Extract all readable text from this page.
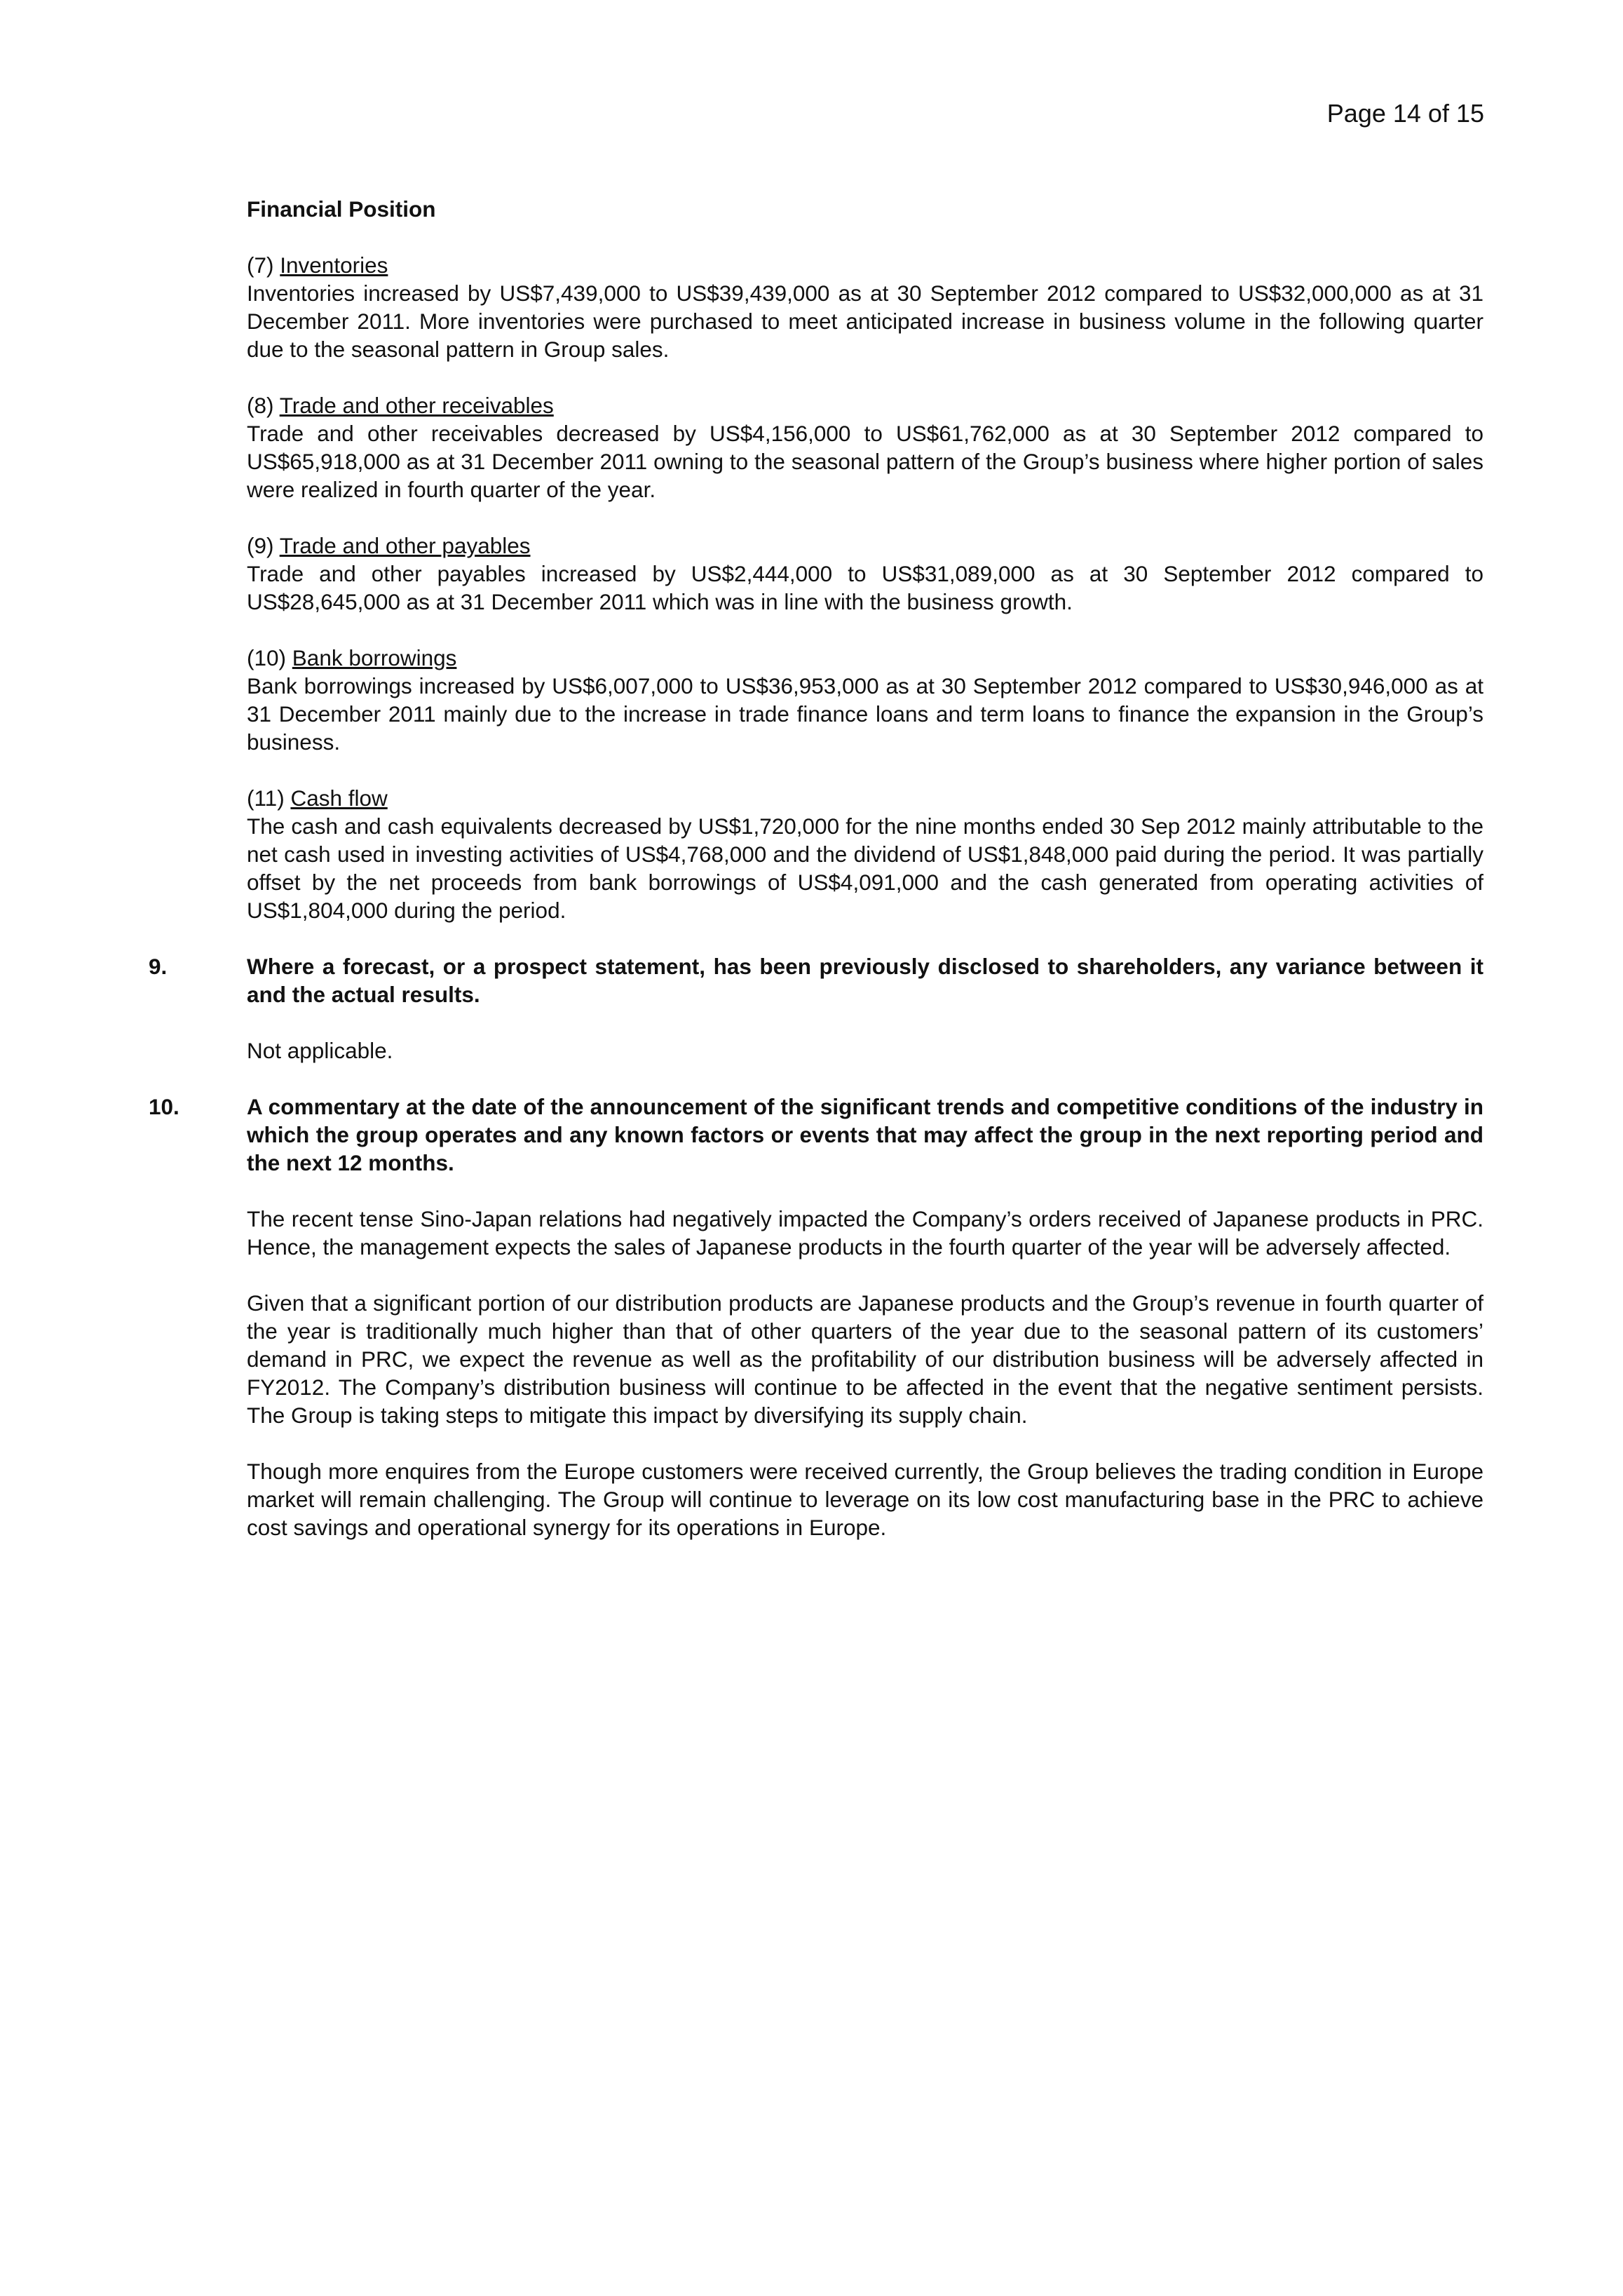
Page 14 of 15
Financial Position
(7) Inventories

Inventories increased by US$7,439,000 to US$39,439,000 as at 30 September 2012 compared to US$32,000,000 as at 31 December 2011. More inventories were purchased to meet anticipated increase in business volume in the following quarter due to the seasonal pattern in Group sales.

(8) Trade and other receivables

Trade and other receivables decreased by US$4,156,000 to US$61,762,000 as at 30 September 2012 compared to US$65,918,000 as at 31 December 2011 owning to the seasonal pattern of the Group’s business where higher portion of sales were realized in fourth quarter of the year.

(9) Trade and other payables

Trade and other payables increased by US$2,444,000 to US$31,089,000 as at 30 September 2012 compared to US$28,645,000 as at 31 December 2011 which was in line with the business growth.

(10) Bank borrowings

Bank borrowings increased by US$6,007,000 to US$36,953,000 as at 30 September 2012 compared to US$30,946,000 as at 31 December 2011 mainly due to the increase in trade finance loans and term loans to finance the expansion in the Group’s business.

(11) Cash flow

The cash and cash equivalents decreased by US$1,720,000 for the nine months ended 30 Sep 2012 mainly attributable to the net cash used in investing activities of US$4,768,000 and the dividend of US$1,848,000 paid during the period. It was partially offset by the net proceeds from bank borrowings of US$4,091,000 and the cash generated from operating activities of US$1,804,000 during the period.

9.	Where a forecast, or a prospect statement, has been previously disclosed to shareholders, any variance between it and the actual results.

Not applicable.

10.	A commentary at the date of the announcement of the significant trends and competitive conditions of the industry in which the group operates and any known factors or events that may affect the group in the next reporting period and the next 12 months.

The recent tense Sino-Japan relations had negatively impacted the Company’s orders received of Japanese products in PRC. Hence, the management expects the sales of Japanese products in the fourth quarter of the year will be adversely affected.

Given that a significant portion of our distribution products are Japanese products and the Group’s revenue in fourth quarter of the year is traditionally much higher than that of other quarters of the year due to the seasonal pattern of its customers’ demand in PRC, we expect the revenue as well as the profitability of our distribution business will be adversely affected in FY2012. The Company’s distribution business will continue to be affected in the event that the negative sentiment persists. The Group is taking steps to mitigate this impact by diversifying its supply chain.

Though more enquires from the Europe customers were received currently, the Group believes the trading condition in Europe market will remain challenging. The Group will continue to leverage on its low cost manufacturing base in the PRC to achieve cost savings and operational synergy for its operations in Europe.
